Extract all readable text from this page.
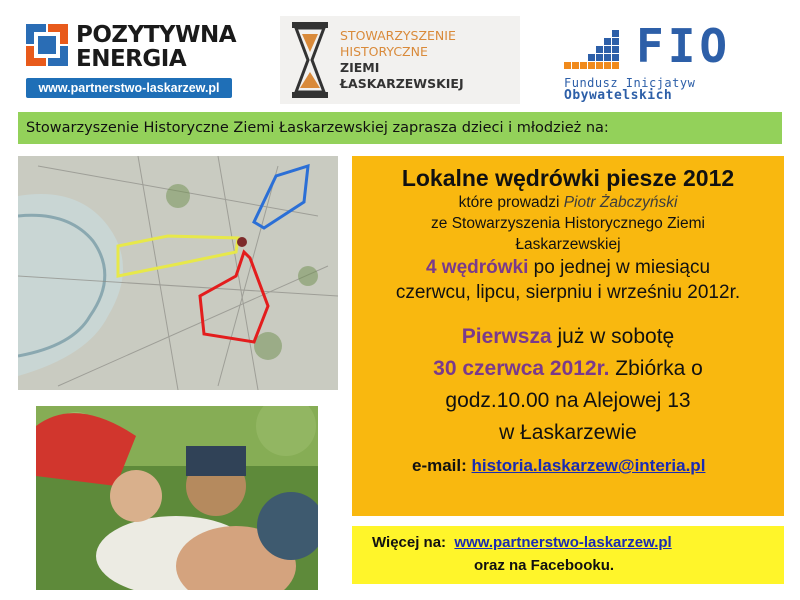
POZYTYWNA
ENERGIA
www.partnerstwo-laskarzew.pl
STOWARZYSZENIE
HISTORYCZNE
ZIEMI
ŁASKARZEWSKIEJ
FIO
Fundusz Inicjatyw
Obywatelskich
Stowarzyszenie Historyczne Ziemi Łaskarzewskiej zaprasza dzieci i młodzież na:
Lokalne wędrówki piesze 2012
które prowadzi Piotr Żabczyński
ze Stowarzyszenia Historycznego Ziemi
Łaskarzewskiej
4 wędrówki po jednej w miesiącu
czerwcu, lipcu, sierpniu i wrześniu 2012r.
Pierwsza już w sobotę
30 czerwca 2012r. Zbiórka o
godz.10.00 na Alejowej 13
w Łaskarzewie
e-mail: historia.laskarzew@interia.pl
Więcej na: www.partnerstwo-laskarzew.pl
oraz na Facebooku.
